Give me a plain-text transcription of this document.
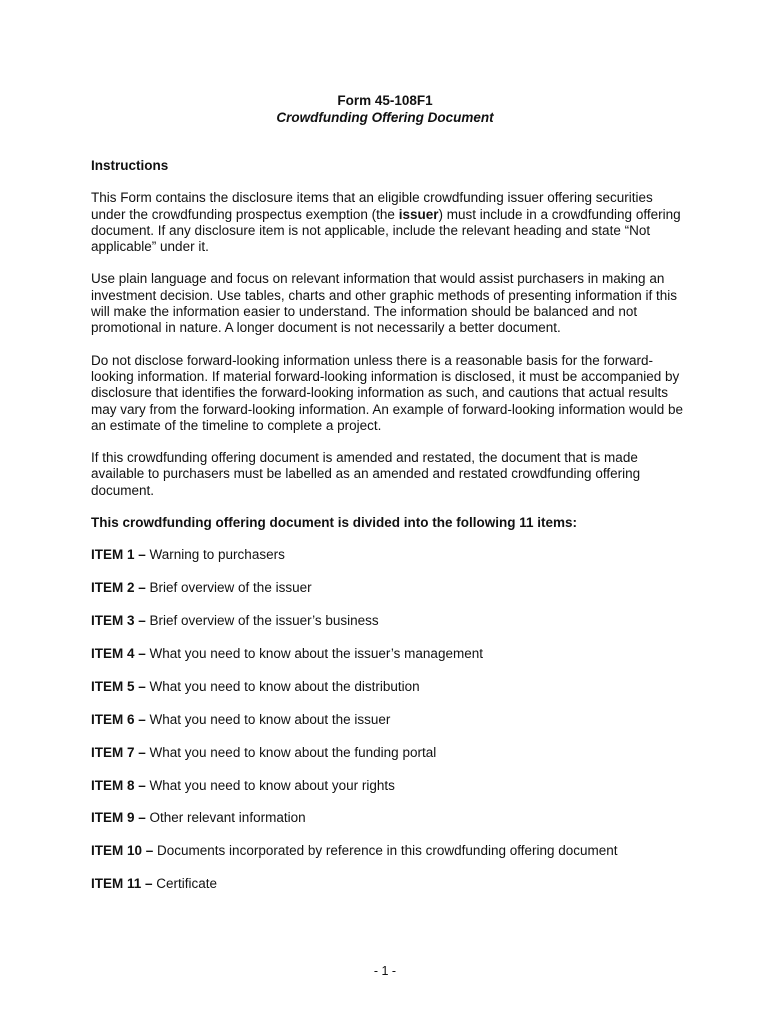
Form 45-108F1
Crowdfunding Offering Document
Instructions

This Form contains the disclosure items that an eligible crowdfunding issuer offering securities under the crowdfunding prospectus exemption (the issuer) must include in a crowdfunding offering document. If any disclosure item is not applicable, include the relevant heading and state “Not applicable” under it.

Use plain language and focus on relevant information that would assist purchasers in making an investment decision. Use tables, charts and other graphic methods of presenting information if this will make the information easier to understand. The information should be balanced and not promotional in nature. A longer document is not necessarily a better document.

Do not disclose forward-looking information unless there is a reasonable basis for the forward-looking information. If material forward-looking information is disclosed, it must be accompanied by disclosure that identifies the forward-looking information as such, and cautions that actual results may vary from the forward-looking information. An example of forward-looking information would be an estimate of the timeline to complete a project.

If this crowdfunding offering document is amended and restated, the document that is made available to purchasers must be labelled as an amended and restated crowdfunding offering document.

This crowdfunding offering document is divided into the following 11 items:
ITEM 1 – Warning to purchasers
ITEM 2 – Brief overview of the issuer
ITEM 3 – Brief overview of the issuer’s business
ITEM 4 – What you need to know about the issuer’s management
ITEM 5 – What you need to know about the distribution
ITEM 6 – What you need to know about the issuer
ITEM 7 – What you need to know about the funding portal
ITEM 8 – What you need to know about your rights
ITEM 9 – Other relevant information
ITEM 10 – Documents incorporated by reference in this crowdfunding offering document
ITEM 11 – Certificate
- 1 -
